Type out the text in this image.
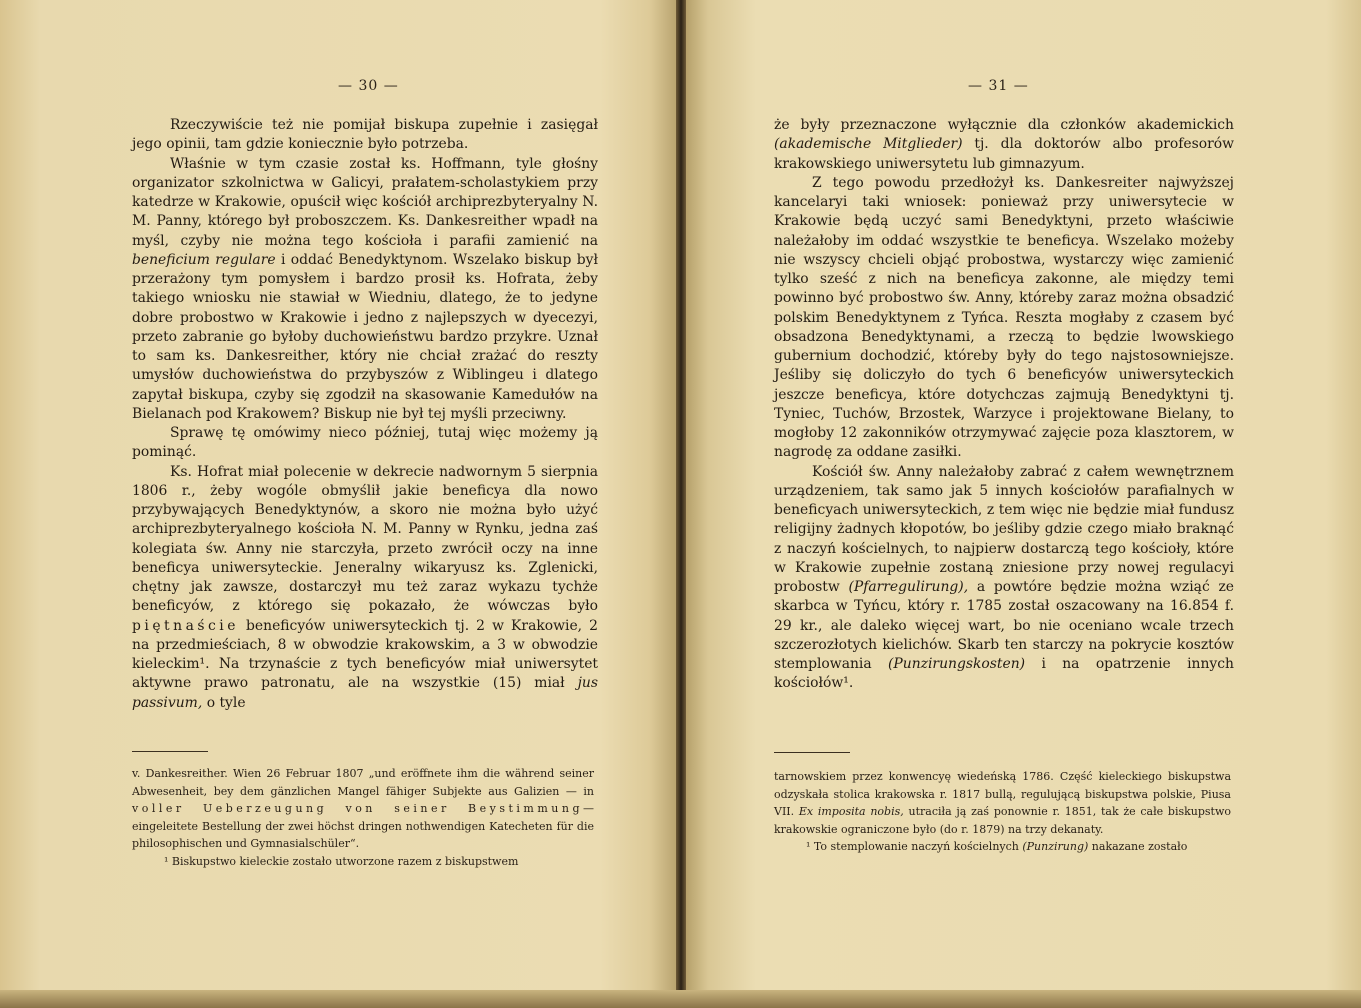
— 30 —

Rzeczywiście też nie pomijał biskupa zupełnie i zasięgał jego opinii, tam gdzie koniecznie było potrzeba.

Właśnie w tym czasie został ks. Hoffmann, tyle głośny organizator szkolnictwa w Galicyi, prałatem-scholastykiem przy katedrze w Krakowie, opuścił więc kościół archiprezbyteryalny N. M. Panny, którego był proboszczem. Ks. Dankesreither wpadł na myśl, czyby nie można tego kościoła i parafii zamienić na beneficium regulare i oddać Benedyktynom. Wszelako biskup był przerażony tym pomysłem i bardzo prosił ks. Hofrata, żeby takiego wniosku nie stawiał w Wiedniu, dlatego, że to jedyne dobre probostwo w Krakowie i jedno z najlepszych w dyecezyi, przeto zabranie go byłoby duchowieństwu bardzo przykre. Uznał to sam ks. Dankesreither, który nie chciał zrażać do reszty umysłów duchowieństwa do przybyszów z Wiblingeu i dlatego zapytał biskupa, czyby się zgodził na skasowanie Kamedułów na Bielanach pod Krakowem? Biskup nie był tej myśli przeciwny.

Sprawę tę omówimy nieco później, tutaj więc możemy ją pominąć.

Ks. Hofrat miał polecenie w dekrecie nadwornym 5 sierpnia 1806 r., żeby wogóle obmyślił jakie beneficya dla nowo przybywających Benedyktynów, a skoro nie można było użyć archiprezbyteryalnego kościoła N. M. Panny w Rynku, jedna zaś kolegiata św. Anny nie starczyła, przeto zwrócił oczy na inne beneficya uniwersyteckie. Jeneralny wikaryusz ks. Zglenicki, chętny jak zawsze, dostarczył mu też zaraz wykazu tychże beneficyów, z którego się pokazało, że wówczas było piętnaście beneficyów uniwersyteckich tj. 2 w Krakowie, 2 na przedmieściach, 8 w obwodzie krakowskim, a 3 w obwodzie kieleckim¹. Na trzynaście z tych beneficyów miał uniwersytet aktywne prawo patronatu, ale na wszystkie (15) miał jus passivum, o tyle

v. Dankesreither. Wien 26 Februar 1807 „und eröffnete ihm die während seiner Abwesenheit, bey dem gänzlichen Mangel fähiger Subjekte aus Galizien — in voller Ueberzeugung von seiner Beystimmung— eingeleitete Bestellung der zwei höchst dringen nothwendigen Katecheten für die philosophischen und Gymnasialschüler“.

¹ Biskupstwo kieleckie zostało utworzone razem z biskupstwem

— 31 —

że były przeznaczone wyłącznie dla członków akademickich (akademische Mitglieder) tj. dla doktorów albo profesorów krakowskiego uniwersytetu lub gimnazyum.

Z tego powodu przedłożył ks. Dankesreiter najwyższej kancelaryi taki wniosek: ponieważ przy uniwersytecie w Krakowie będą uczyć sami Benedyktyni, przeto właściwie należałoby im oddać wszystkie te beneficya. Wszelako możeby nie wszyscy chcieli objąć probostwa, wystarczy więc zamienić tylko sześć z nich na beneficya zakonne, ale między temi powinno być probostwo św. Anny, któreby zaraz można obsadzić polskim Benedyktynem z Tyńca. Reszta mogłaby z czasem być obsadzona Benedyktynami, a rzeczą to będzie lwowskiego gubernium dochodzić, któreby były do tego najstosowniejsze. Jeśliby się doliczyło do tych 6 beneficyów uniwersyteckich jeszcze beneficya, które dotychczas zajmują Benedyktyni tj. Tyniec, Tuchów, Brzostek, Warzyce i projektowane Bielany, to mogłoby 12 zakonników otrzymywać zajęcie poza klasztorem, w nagrodę za oddane zasiłki.

Kościół św. Anny należałoby zabrać z całem wewnętrznem urządzeniem, tak samo jak 5 innych kościołów parafialnych w beneficyach uniwersyteckich, z tem więc nie będzie miał fundusz religijny żadnych kłopotów, bo jeśliby gdzie czego miało braknąć z naczyń kościelnych, to najpierw dostarczą tego kościoły, które w Krakowie zupełnie zostaną zniesione przy nowej regulacyi probostw (Pfarregulirung), a powtóre będzie można wziąć ze skarbca w Tyńcu, który r. 1785 został oszacowany na 16.854 f. 29 kr., ale daleko więcej wart, bo nie oceniano wcale trzech szczerozłotych kielichów. Skarb ten starczy na pokrycie kosztów stemplowania (Punzirungskosten) i na opatrzenie innych kościołów¹.

tarnowskiem przez konwencyę wiedeńską 1786. Część kieleckiego biskupstwa odzyskała stolica krakowska r. 1817 bullą, regulującą biskupstwa polskie, Piusa VII. Ex imposita nobis, utraciła ją zaś ponownie r. 1851, tak że całe biskupstwo krakowskie ograniczone było (do r. 1879) na trzy dekanaty.

¹ To stemplowanie naczyń kościelnych (Punzirung) nakazane zostało
